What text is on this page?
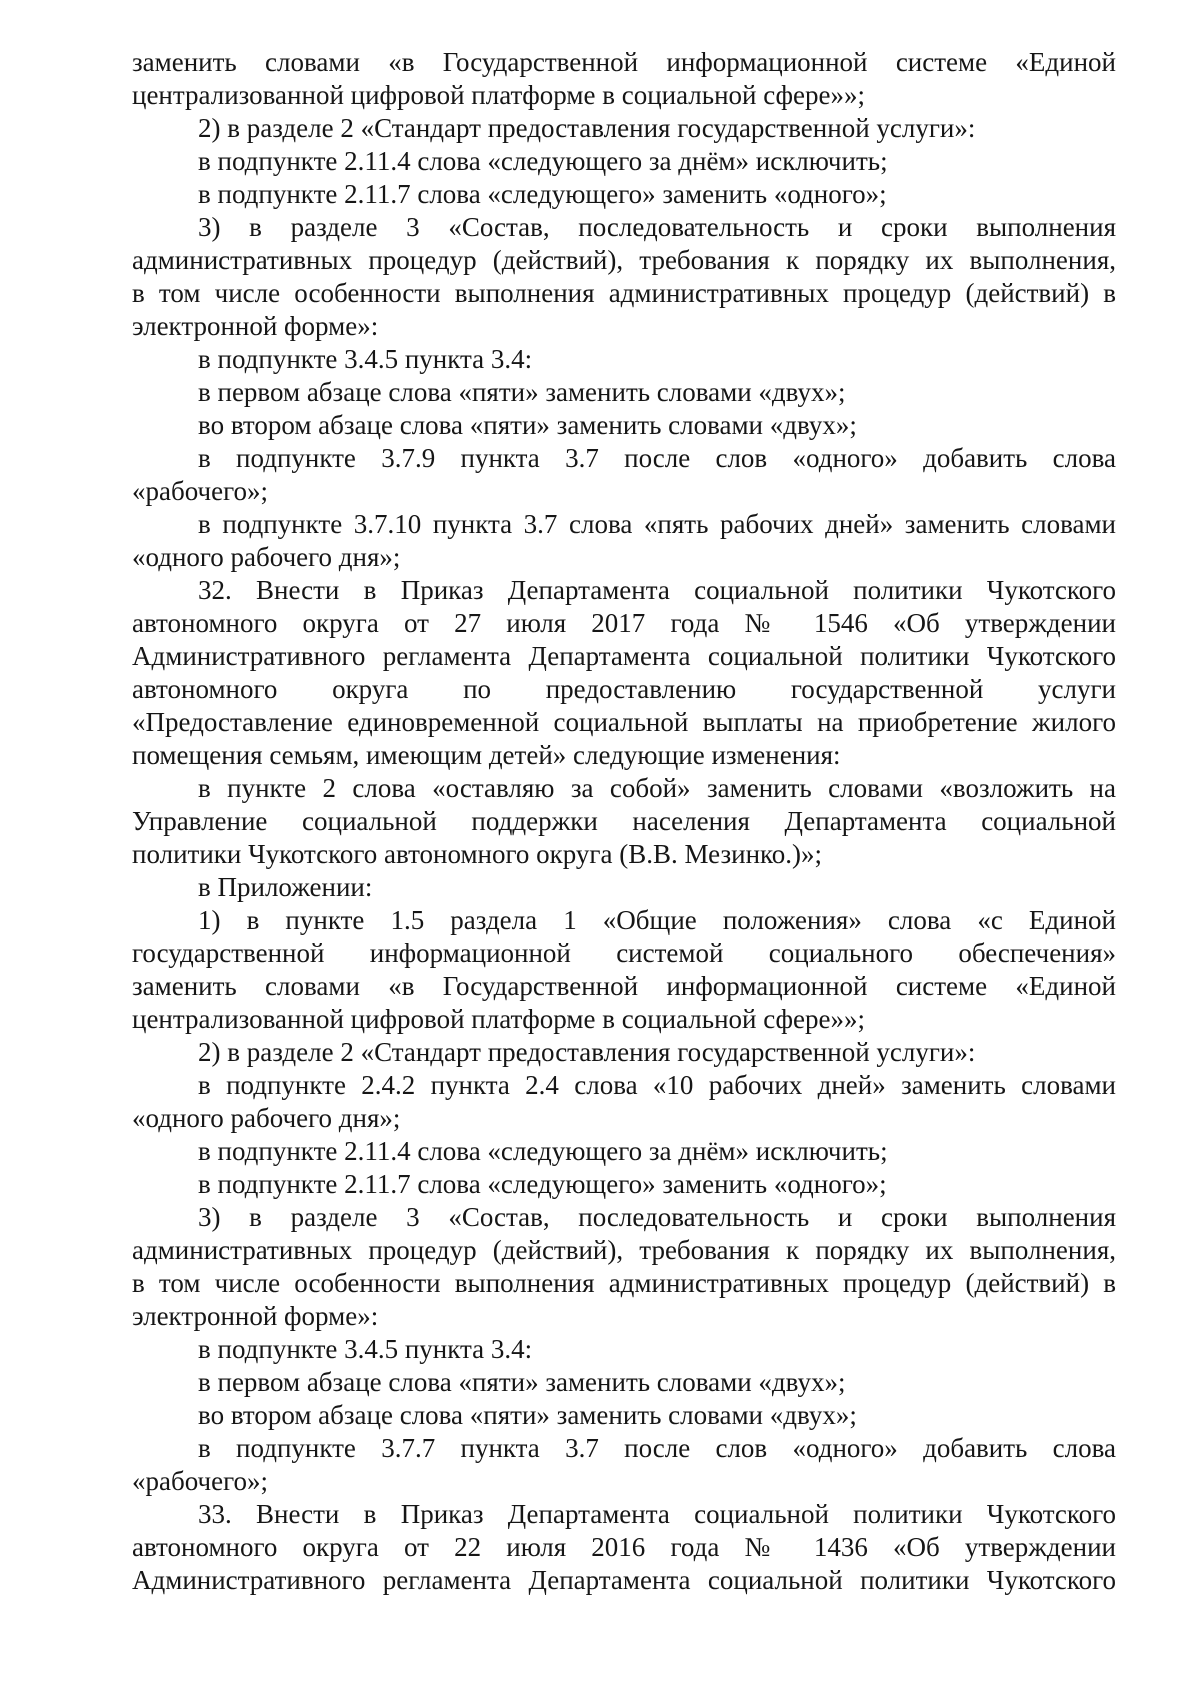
заменить словами «в Государственной информационной системе «Единой
централизованной цифровой платформе в социальной сфере»»;
2) в разделе 2 «Стандарт предоставления государственной услуги»:
в подпункте 2.11.4 слова «следующего за днём» исключить;
в подпункте 2.11.7 слова «следующего» заменить «одного»;
3) в разделе 3 «Состав, последовательность и сроки выполнения
административных процедур (действий), требования к порядку их выполнения,
в том числе особенности выполнения административных процедур (действий) в
электронной форме»:
в подпункте 3.4.5 пункта 3.4:
в первом абзаце слова «пяти» заменить словами «двух»;
во втором абзаце слова «пяти» заменить словами «двух»;
в подпункте 3.7.9 пункта 3.7 после слов «одного» добавить слова
«рабочего»;
в подпункте 3.7.10 пункта 3.7 слова «пять рабочих дней» заменить словами
«одного рабочего дня»;
32. Внести в Приказ Департамента социальной политики Чукотского
автономного округа от 27 июля 2017 года № 1546 «Об утверждении
Административного регламента Департамента социальной политики Чукотского
автономного округа по предоставлению государственной услуги
«Предоставление единовременной социальной выплаты на приобретение жилого
помещения семьям, имеющим детей» следующие изменения:
в пункте 2 слова «оставляю за собой» заменить словами «возложить на
Управление социальной поддержки населения Департамента социальной
политики Чукотского автономного округа (В.В. Мезинко.)»;
в Приложении:
1) в пункте 1.5 раздела 1 «Общие положения» слова «с Единой
государственной информационной системой социального обеспечения»
заменить словами «в Государственной информационной системе «Единой
централизованной цифровой платформе в социальной сфере»»;
2) в разделе 2 «Стандарт предоставления государственной услуги»:
в подпункте 2.4.2 пункта 2.4 слова «10 рабочих дней» заменить словами
«одного рабочего дня»;
в подпункте 2.11.4 слова «следующего за днём» исключить;
в подпункте 2.11.7 слова «следующего» заменить «одного»;
3) в разделе 3 «Состав, последовательность и сроки выполнения
административных процедур (действий), требования к порядку их выполнения,
в том числе особенности выполнения административных процедур (действий) в
электронной форме»:
в подпункте 3.4.5 пункта 3.4:
в первом абзаце слова «пяти» заменить словами «двух»;
во втором абзаце слова «пяти» заменить словами «двух»;
в подпункте 3.7.7 пункта 3.7 после слов «одного» добавить слова
«рабочего»;
33. Внести в Приказ Департамента социальной политики Чукотского
автономного округа от 22 июля 2016 года № 1436 «Об утверждении
Административного регламента Департамента социальной политики Чукотского
